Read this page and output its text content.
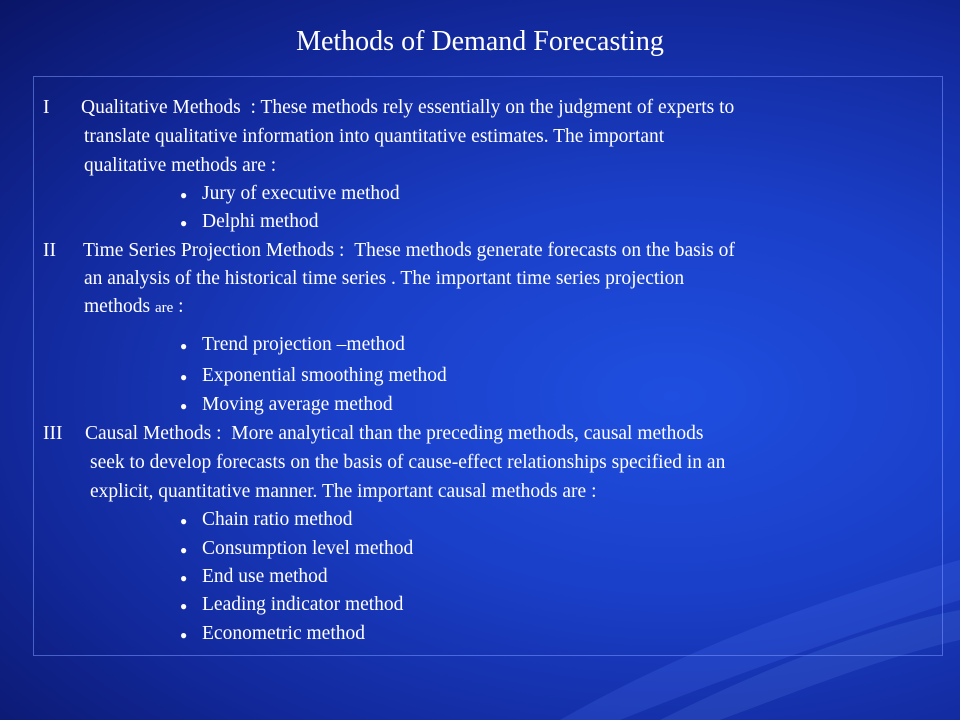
Methods of Demand Forecasting
I Qualitative Methods : These methods rely essentially on the judgment of experts to
translate qualitative information into quantitative estimates. The important
qualitative methods are :
● Jury of executive method
● Delphi method
II Time Series Projection Methods : These methods generate forecasts on the basis of
an analysis of the historical time series . The important time series projection
methods are :
● Trend projection –method
● Exponential smoothing method
● Moving average method
III Causal Methods : More analytical than the preceding methods, causal methods
seek to develop forecasts on the basis of cause-effect relationships specified in an
explicit, quantitative manner. The important causal methods are :
● Chain ratio method
● Consumption level method
● End use method
● Leading indicator method
● Econometric method
